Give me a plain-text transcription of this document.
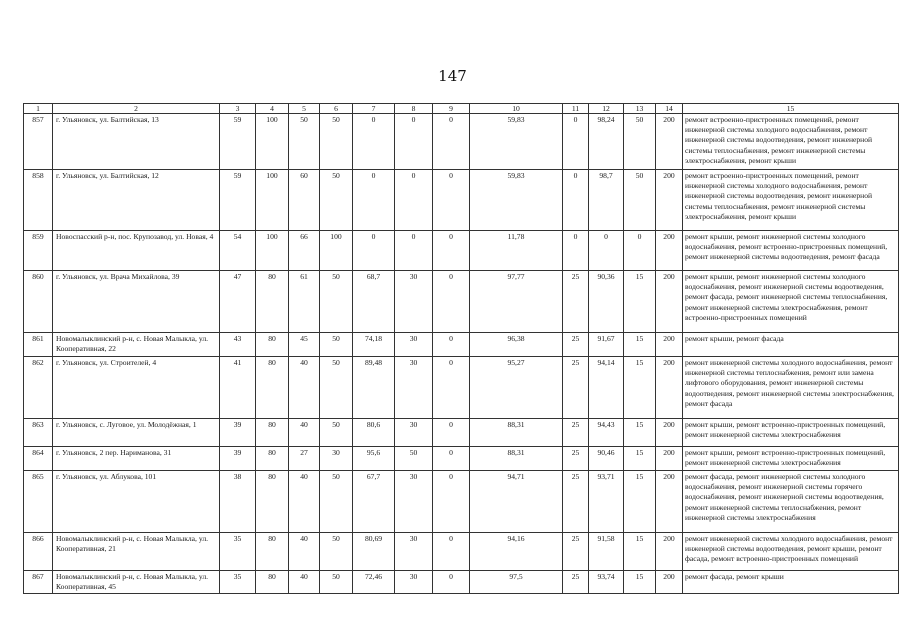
147
1	2	3	4	5	6	7	8	9	10	11	12	13	14	15
857	г. Ульяновск, ул. Балтийская, 13	59	100	50	50	0	0	0	59,83	0	98,24	50	200	ремонт встроенно-пристроенных помещений, ремонт инженерной системы холодного водоснабжения, ремонт инженерной системы водоотведения, ремонт инженерной системы теплоснабжения, ремонт инженерной системы электроснабжения, ремонт крыши
858	г. Ульяновск, ул. Балтийская, 12	59	100	60	50	0	0	0	59,83	0	98,7	50	200	ремонт встроенно-пристроенных помещений, ремонт инженерной системы холодного водоснабжения, ремонт инженерной системы водоотведения, ремонт инженерной системы теплоснабжения, ремонт инженерной системы электроснабжения, ремонт крыши
859	Новоспасский р-н, пос. Крупозавод, ул. Новая, 4	54	100	66	100	0	0	0	11,78	0	0	0	200	ремонт крыши, ремонт инженерной системы холодного водоснабжения, ремонт встроенно-пристроенных помещений, ремонт инженерной системы водоотведения, ремонт фасада
860	г. Ульяновск, ул. Врача Михайлова, 39	47	80	61	50	68,7	30	0	97,77	25	90,36	15	200	ремонт крыши, ремонт инженерной системы холодного водоснабжения, ремонт инженерной системы водоотведения, ремонт фасада, ремонт инженерной системы теплоснабжения, ремонт инженерной системы электроснабжения, ремонт встроенно-пристроенных помещений
861	Новомалыклинский р-н, с. Новая Малыкла, ул. Кооперативная, 22	43	80	45	50	74,18	30	0	96,38	25	91,67	15	200	ремонт крыши, ремонт фасада
862	г. Ульяновск, ул. Строителей, 4	41	80	40	50	89,48	30	0	95,27	25	94,14	15	200	ремонт инженерной системы холодного водоснабжения, ремонт инженерной системы теплоснабжения, ремонт или замена лифтового оборудования, ремонт инженерной системы водоотведения, ремонт инженерной системы электроснабжения, ремонт фасада
863	г. Ульяновск, с. Луговое, ул. Молодёжная, 1	39	80	40	50	80,6	30	0	88,31	25	94,43	15	200	ремонт крыши, ремонт встроенно-пристроенных помещений, ремонт инженерной системы электроснабжения
864	г. Ульяновск, 2 пер. Нариманова, 31	39	80	27	30	95,6	50	0	88,31	25	90,46	15	200	ремонт крыши, ремонт встроенно-пристроенных помещений, ремонт инженерной системы электроснабжения
865	г. Ульяновск, ул. Аблукова, 101	38	80	40	50	67,7	30	0	94,71	25	93,71	15	200	ремонт фасада, ремонт инженерной системы холодного водоснабжения, ремонт инженерной системы горячего водоснабжения, ремонт инженерной системы водоотведения, ремонт инженерной системы теплоснабжения, ремонт инженерной системы электроснабжения
866	Новомалыклинский р-н, с. Новая Малыкла, ул. Кооперативная, 21	35	80	40	50	80,69	30	0	94,16	25	91,58	15	200	ремонт инженерной системы холодного водоснабжения, ремонт инженерной системы водоотведения, ремонт крыши, ремонт фасада, ремонт встроенно-пристроенных помещений
867	Новомалыклинский р-н, с. Новая Малыкла, ул. Кооперативная, 45	35	80	40	50	72,46	30	0	97,5	25	93,74	15	200	ремонт фасада, ремонт крыши
